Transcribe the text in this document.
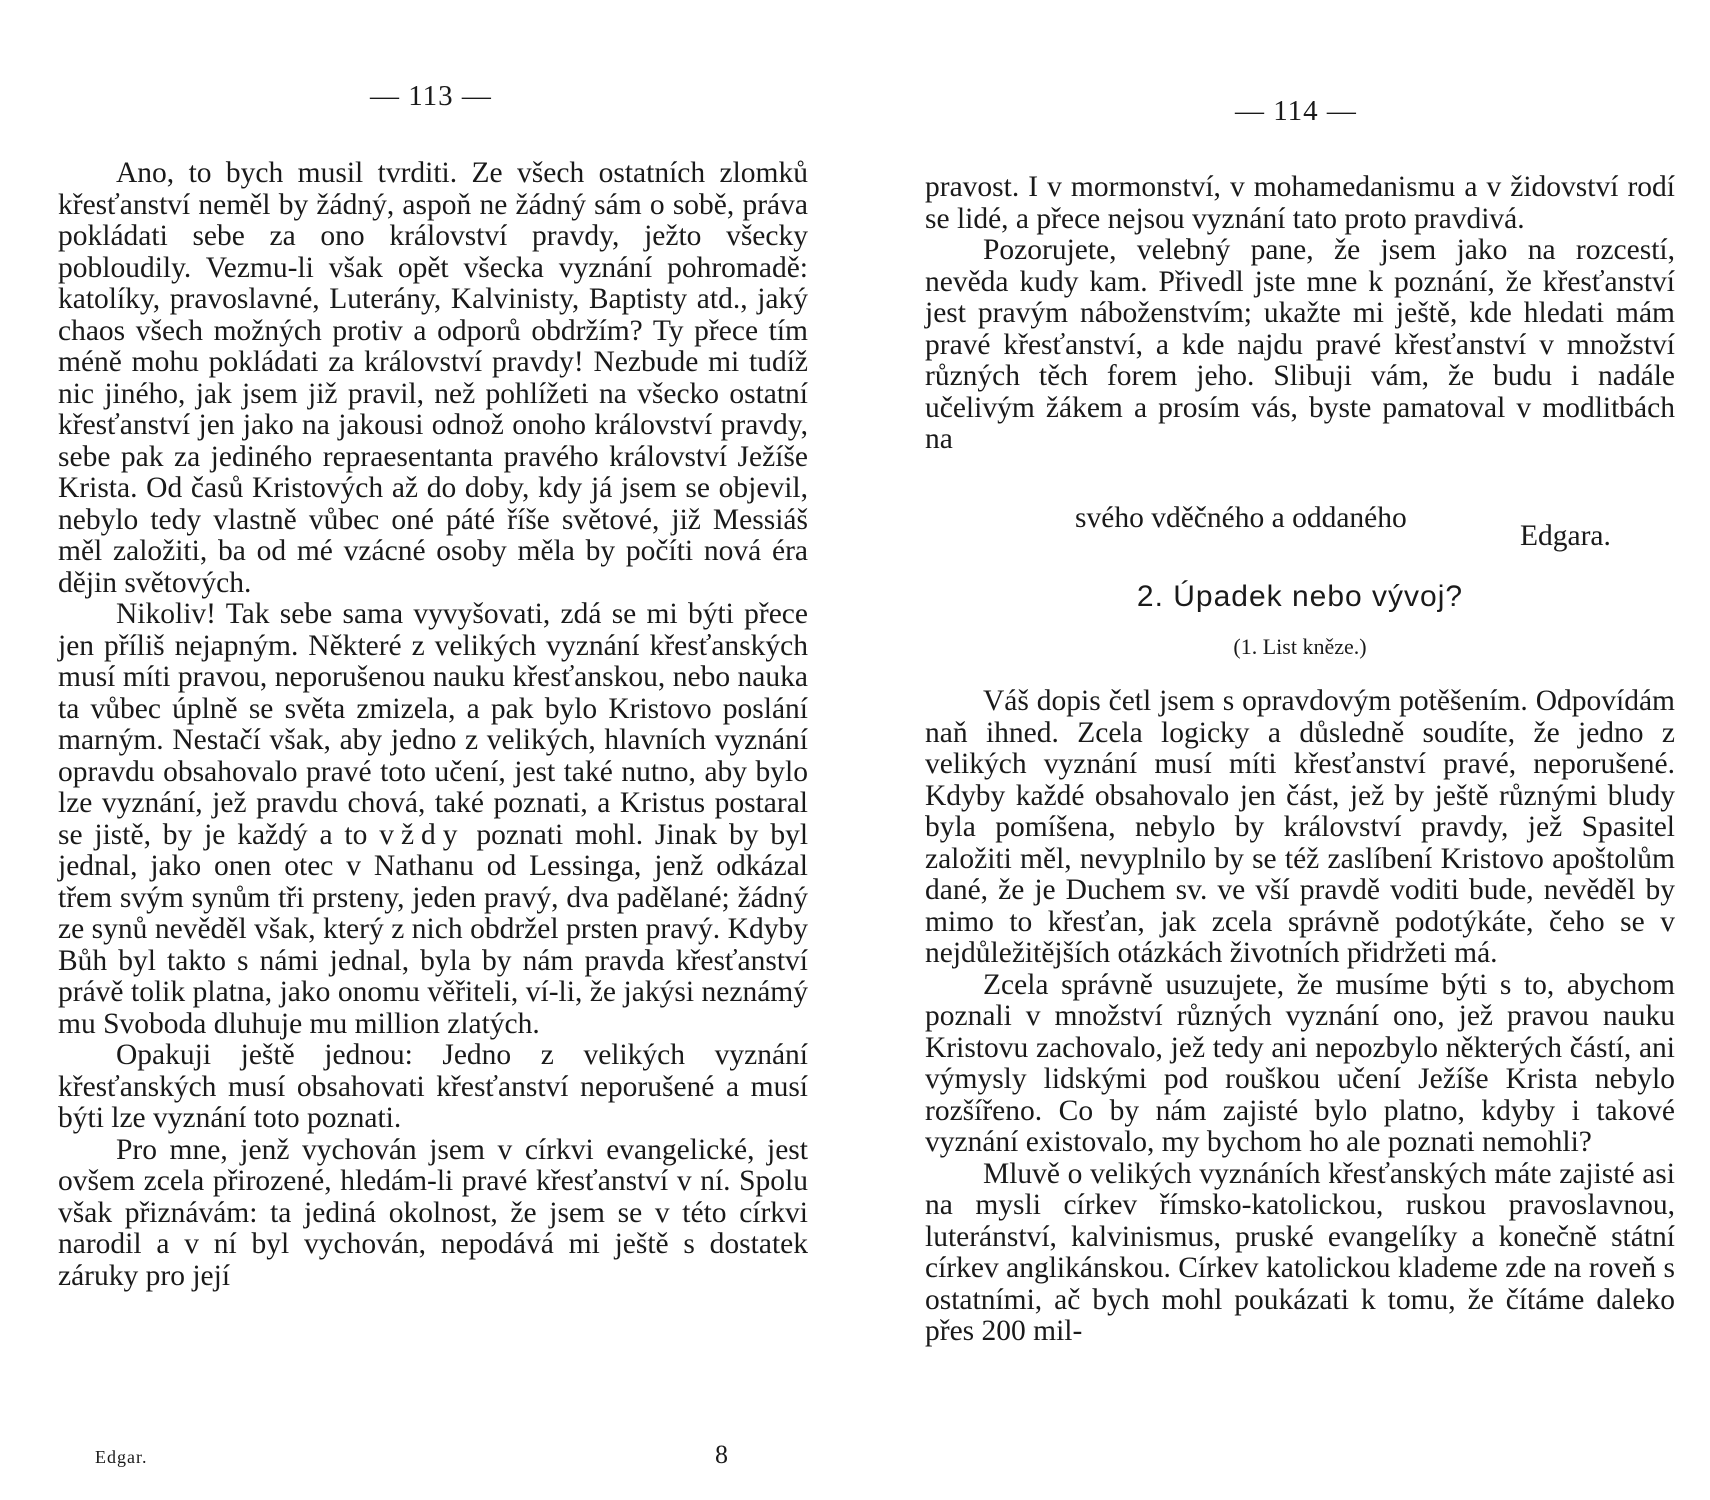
— 113 —

Ano, to bych musil tvrditi. Ze všech ostatních zlomků křesťanství neměl by žádný, aspoň ne žádný sám o sobě, práva pokládati sebe za ono království pravdy, ježto všecky pobloudily. Vezmu-li však opět všecka vyznání pohromadě: katolíky, pravoslavné, Luterány, Kalvinisty, Baptisty atd., jaký chaos všech možných protiv a odporů obdržím? Ty přece tím méně mohu pokládati za království pravdy! Nezbude mi tudíž nic jiného, jak jsem již pravil, než pohlížeti na všecko ostatní křesťanství jen jako na jakousi odnož onoho království pravdy, sebe pak za jediného repraesentanta pravého království Ježíše Krista. Od časů Kristových až do doby, kdy já jsem se objevil, nebylo tedy vlastně vůbec oné páté říše světové, již Messiáš měl založiti, ba od mé vzácné osoby měla by počíti nová éra dějin světových.

Nikoliv! Tak sebe sama vyvyšovati, zdá se mi býti přece jen příliš nejapným. Některé z velikých vyznání křesťanských musí míti pravou, neporušenou nauku křesťanskou, nebo nauka ta vůbec úplně se světa zmizela, a pak bylo Kristovo poslání marným. Nestačí však, aby jedno z velikých, hlavních vyznání opravdu obsahovalo pravé toto učení, jest také nutno, aby bylo lze vyznání, jež pravdu chová, také poznati, a Kristus postaral se jistě, by je každý a to vždy poznati mohl. Jinak by byl jednal, jako onen otec v Nathanu od Lessinga, jenž odkázal třem svým synům tři prsteny, jeden pravý, dva padělané; žádný ze synů nevěděl však, který z nich obdržel prsten pravý. Kdyby Bůh byl takto s námi jednal, byla by nám pravda křesťanství právě tolik platna, jako onomu věřiteli, ví-li, že jakýsi neznámý mu Svoboda dluhuje mu million zlatých.

Opakuji ještě jednou: Jedno z velikých vyznání křesťanských musí obsahovati křesťanství neporušené a musí býti lze vyznání toto poznati.

Pro mne, jenž vychován jsem v církvi evangelické, jest ovšem zcela přirozené, hledám-li pravé křesťanství v ní. Spolu však přiznávám: ta jediná okolnost, že jsem se v této církvi narodil a v ní byl vychován, nepodává mi ještě s dostatek záruky pro její

Edgar.	8
— 114 —

pravost. I v mormonství, v mohamedanismu a v židovství rodí se lidé, a přece nejsou vyznání tato proto pravdivá.

Pozorujete, velebný pane, že jsem jako na rozcestí, nevěda kudy kam. Přivedl jste mne k poznání, že křesťanství jest pravým náboženstvím; ukažte mi ještě, kde hledati mám pravé křesťanství, a kde najdu pravé křesťanství v množství různých těch forem jeho. Slibuji vám, že budu i nadále učelivým žákem a prosím vás, byste pamatoval v modlitbách na

svého vděčného a oddaného
Edgara.
2. Úpadek nebo vývoj?
(1. List kněze.)

Váš dopis četl jsem s opravdovým potěšením. Odpovídám naň ihned. Zcela logicky a důsledně soudíte, že jedno z velikých vyznání musí míti křesťanství pravé, neporušené. Kdyby každé obsahovalo jen část, jež by ještě různými bludy byla pomíšena, nebylo by království pravdy, jež Spasitel založiti měl, nevyplnilo by se též zaslíbení Kristovo apoštolům dané, že je Duchem sv. ve vší pravdě voditi bude, nevěděl by mimo to křesťan, jak zcela správně podotýkáte, čeho se v nejdůležitějších otázkách životních přidržeti má.

Zcela správně usuzujete, že musíme býti s to, abychom poznali v množství různých vyznání ono, jež pravou nauku Kristovu zachovalo, jež tedy ani nepozbylo některých částí, ani výmysly lidskými pod rouškou učení Ježíše Krista nebylo rozšířeno. Co by nám zajisté bylo platno, kdyby i takové vyznání existovalo, my bychom ho ale poznati nemohli?

Mluvě o velikých vyznáních křesťanských máte zajisté asi na mysli církev římsko-katolickou, ruskou pravoslavnou, luteránství, kalvinismus, pruské evangelíky a konečně státní církev anglikánskou. Církev katolickou klademe zde na roveň s ostatními, ač bych mohl poukázati k tomu, že čítáme daleko přes 200 mil-
